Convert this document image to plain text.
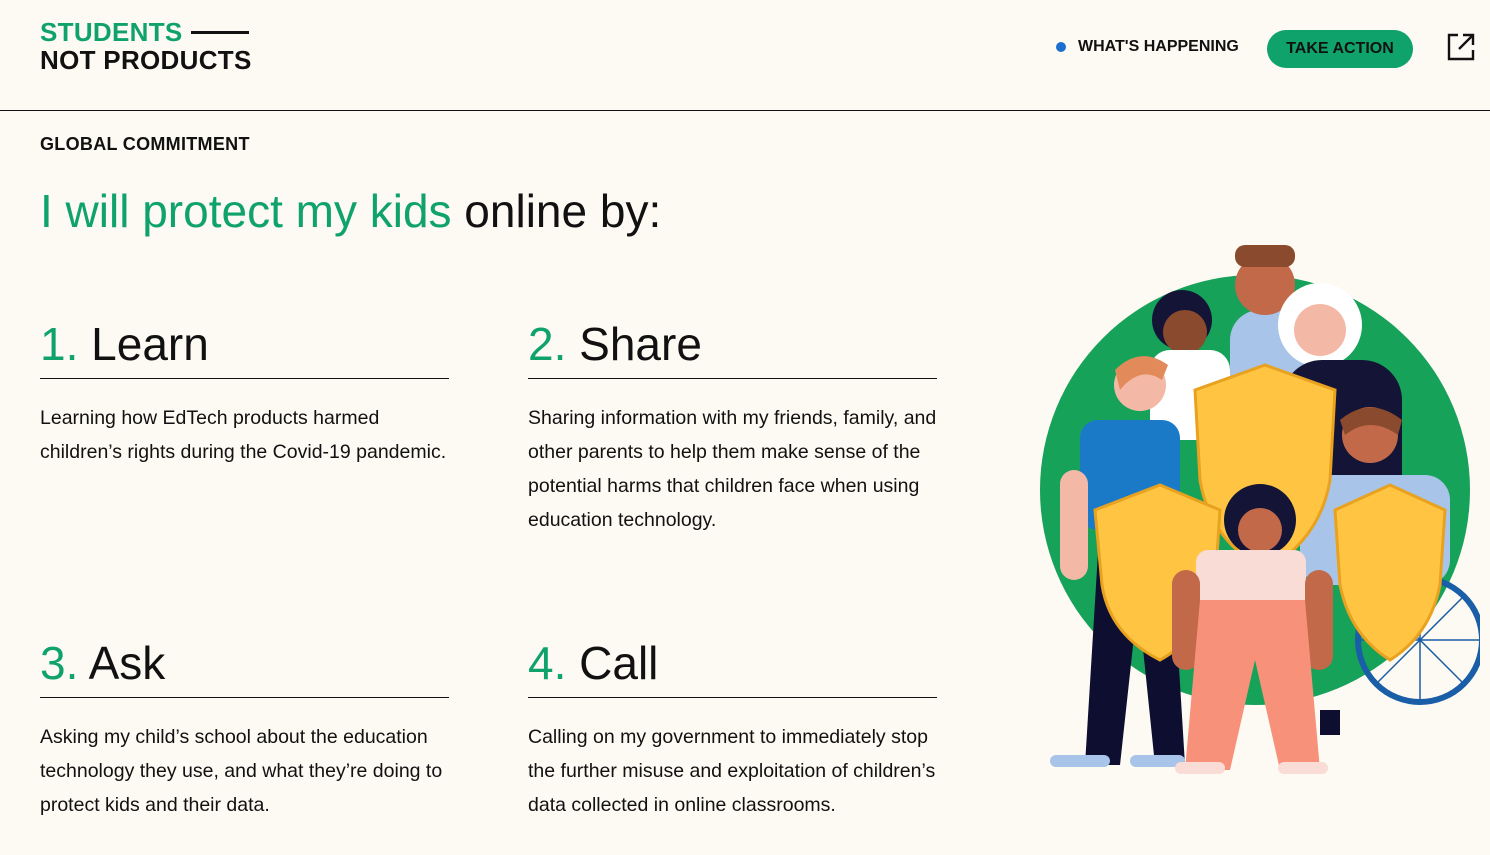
STUDENTS
NOT PRODUCTS	WHAT'S HAPPENING	TAKE ACTION
GLOBAL COMMITMENT
I will protect my kids online by:
1. Learn
Learning how EdTech products harmed children’s rights during the Covid-19 pandemic.
2. Share
Sharing information with my friends, family, and other parents to help them make sense of the potential harms that children face when using education technology.
3. Ask
Asking my child’s school about the education technology they use, and what they’re doing to protect kids and their data.
4. Call
Calling on my government to immediately stop the further misuse and exploitation of children’s data collected in online classrooms.
